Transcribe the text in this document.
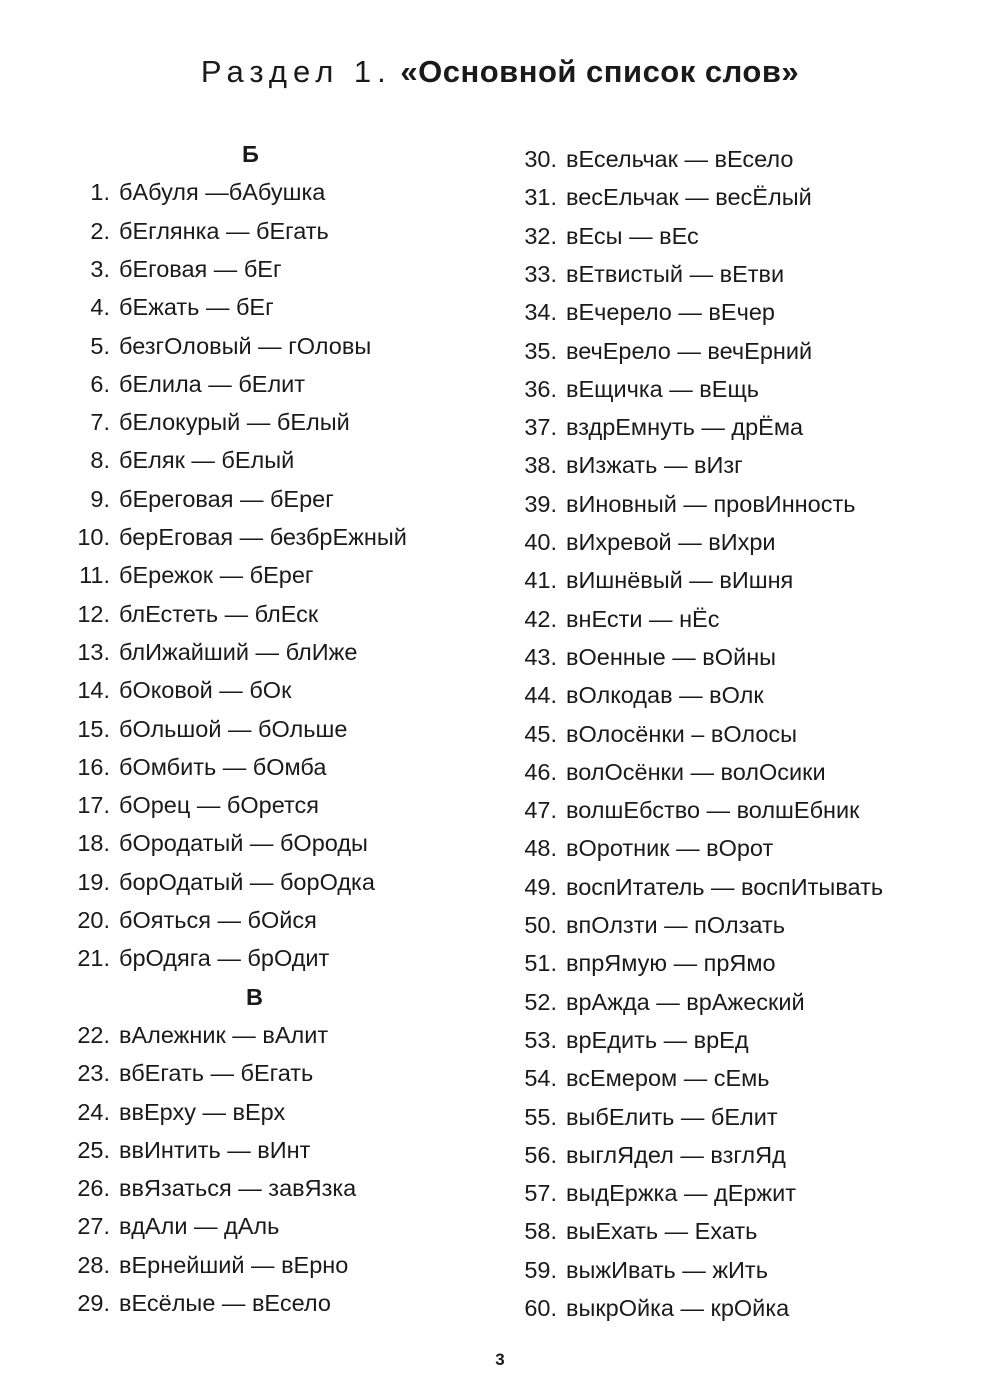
Раздел 1. «Основной список слов»
Б
1. бАбуля —бАбушка
2. бЕглянка — бЕгать
3. бЕговая — бЕг
4. бЕжать — бЕг
5. безгОловый — гОловы
6. бЕлила — бЕлит
7. бЕлокурый — бЕлый
8. бЕляк — бЕлый
9. бЕреговая — бЕрег
10. берЕговая — безбрЕжный
11. бЕрежок — бЕрег
12. блЕстеть — блЕск
13. блИжайший — блИже
14. бОковой — бОк
15. бОльшой — бОльше
16. бОмбить — бОмба
17. бОрец — бОрется
18. бОродатый — бОроды
19. борОдатый — борОдка
20. бОяться — бОйся
21. брОдяга — брОдит
В
22. вАлежник — вАлит
23. вбЕгать — бЕгать
24. ввЕрху — вЕрх
25. ввИнтить — вИнт
26. ввЯзаться — завЯзка
27. вдАли — дАль
28. вЕрнейший — вЕрно
29. вЕсёлые — вЕсело
30. вЕсельчак — вЕсело
31. весЕльчак — весЁлый
32. вЕсы — вЕс
33. вЕтвистый — вЕтви
34. вЕчерело — вЕчер
35. вечЕрело — вечЕрний
36. вЕщичка — вЕщь
37. вздрЕмнуть — дрЁма
38. вИзжать — вИзг
39. вИновный — провИнность
40. вИхревой — вИхри
41. вИшнёвый — вИшня
42. внЕсти — нЁс
43. вОенные — вОйны
44. вОлкодав — вОлк
45. вОлосёнки – вОлосы
46. волОсёнки — волОсики
47. волшЕбство — волшЕбник
48. вОротник — вОрот
49. воспИтатель — воспИтывать
50. впОлзти — пОлзать
51. впрЯмую — прЯмо
52. врАжда — врАжеский
53. врЕдить — врЕд
54. всЕмером — сЕмь
55. выбЕлить — бЕлит
56. выглЯдел — взглЯд
57. выдЕржка — дЕржит
58. выЕхать — Ехать
59. выжИвать — жИть
60. выкрОйка — крОйка
3
